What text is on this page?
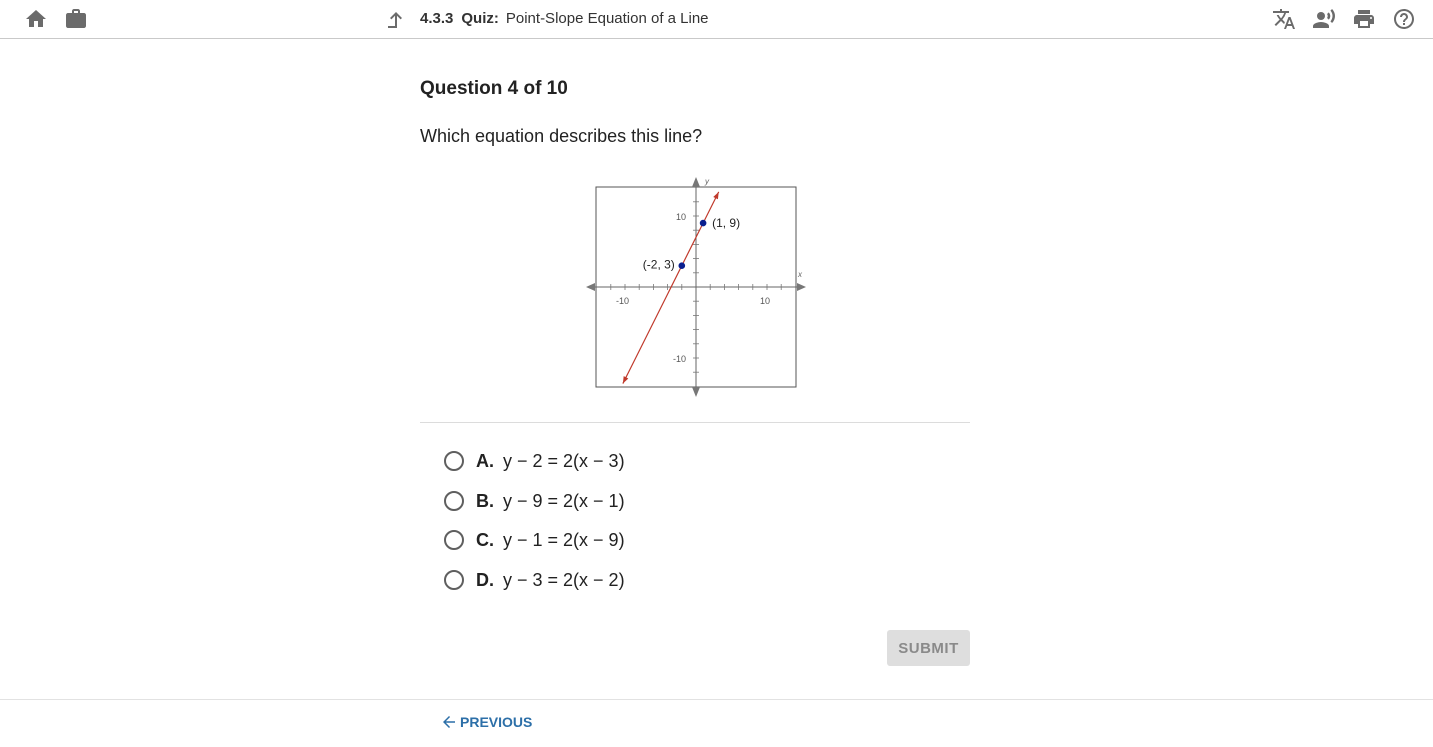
4.3.3 Quiz: Point-Slope Equation of a Line
Question 4 of 10
Which equation describes this line?
x
y
-10	10
10
-10
(1, 9)
(-2, 3)
A. y − 2 = 2(x − 3)
B. y − 9 = 2(x − 1)
C. y − 1 = 2(x − 9)
D. y − 3 = 2(x − 2)
SUBMIT
PREVIOUS
